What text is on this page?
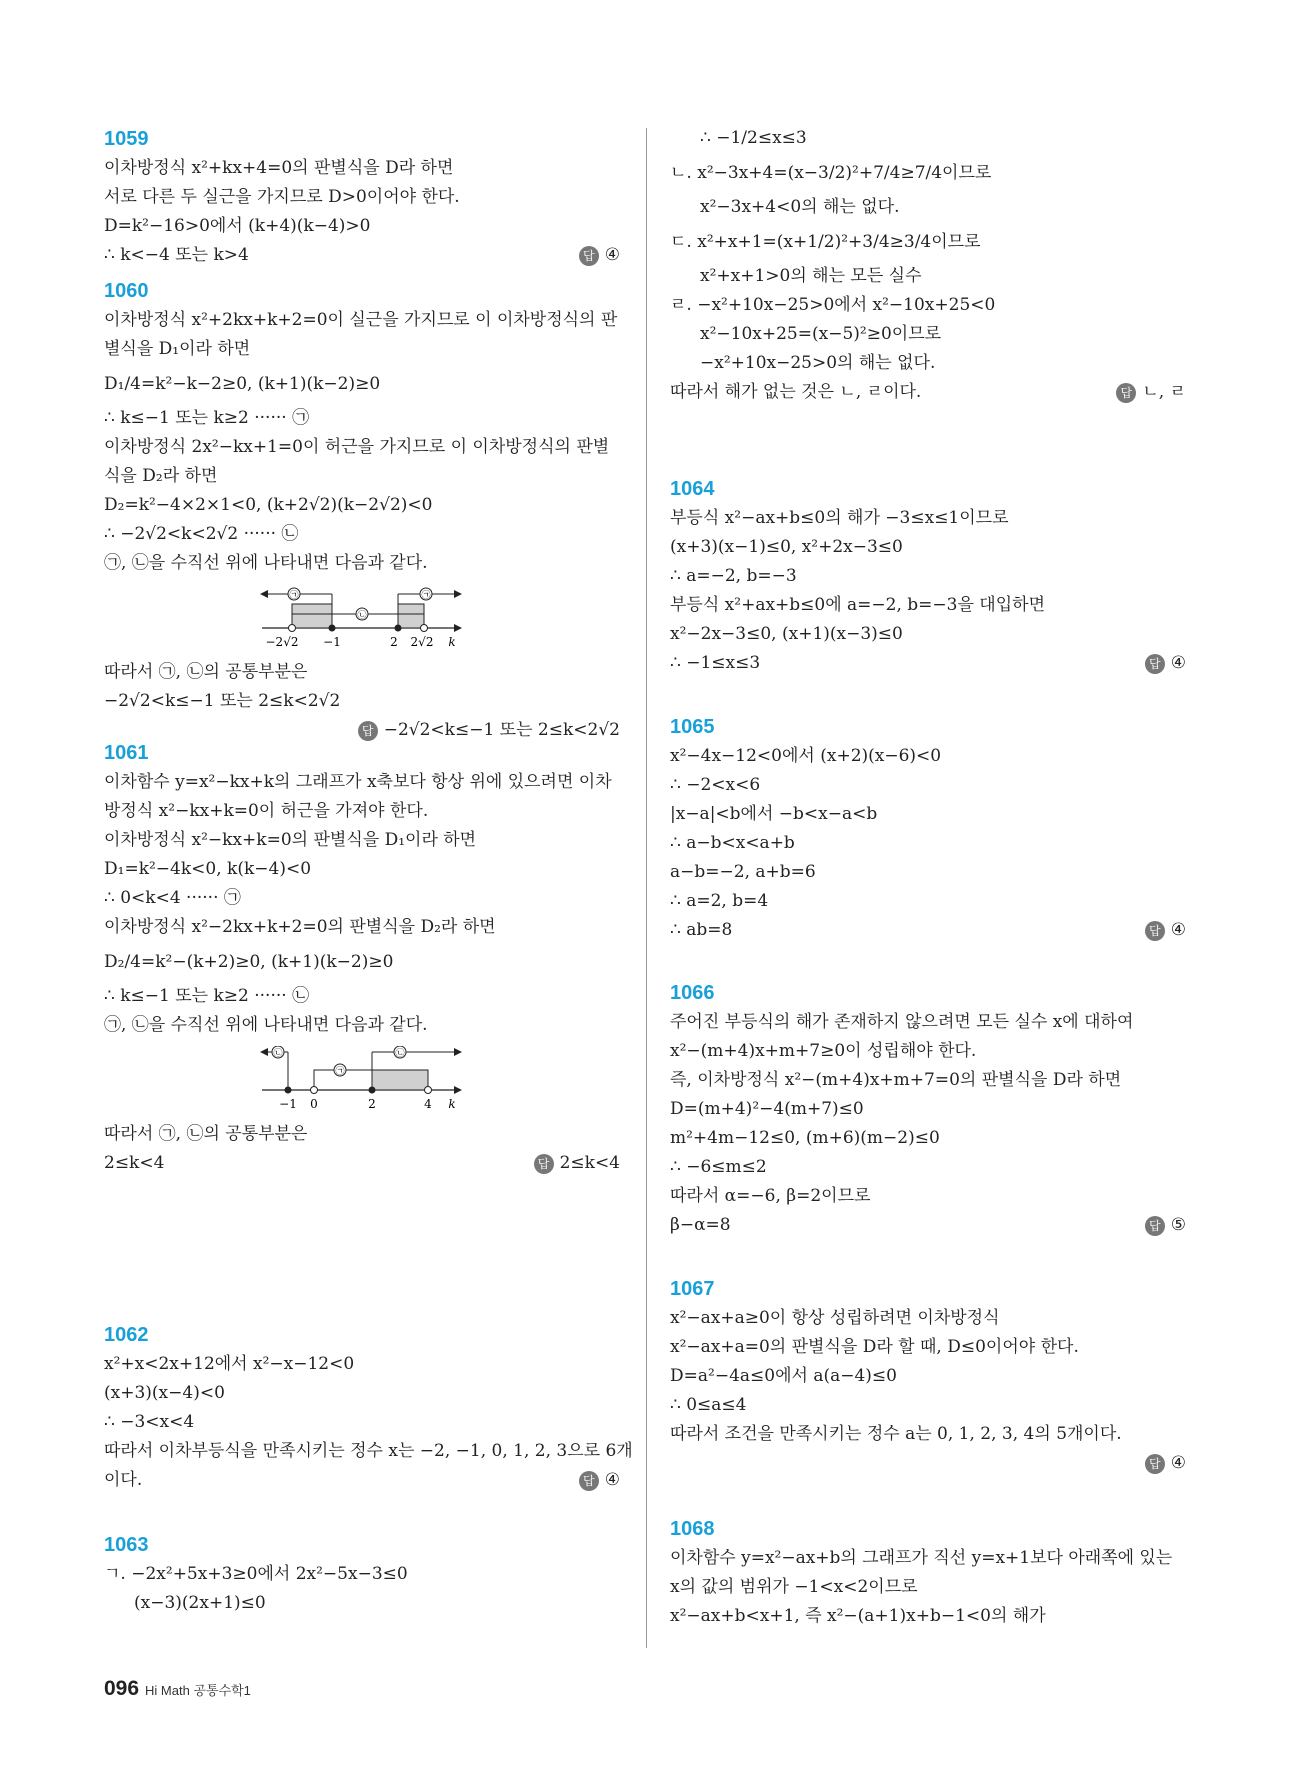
1059
이차방정식 x²+kx+4=0의 판별식을 D라 하면
서로 다른 두 실근을 가지므로 D>0이어야 한다.
D=k²−16>0에서 (k+4)(k−4)>0
∴ k<−4 또는 k>4	답 ④
1060
이차방정식 x²+2kx+k+2=0이 실근을 가지므로 이 이차방정식의 판
별식을 D₁이라 하면
D₁/4=k²−k−2≥0, (k+1)(k−2)≥0
∴ k≤−1 또는 k≥2 ······ ㉠
이차방정식 2x²−kx+1=0이 허근을 가지므로 이 이차방정식의 판별
식을 D₂라 하면
D₂=k²−4×2×1<0, (k+2√2)(k−2√2)<0
∴ −2√2<k<2√2 ······ ㉡
㉠, ㉡을 수직선 위에 나타내면 다음과 같다.
㉠
㉡
㉠
−2√2 −1	2 2√2 k
따라서 ㉠, ㉡의 공통부분은
−2√2<k≤−1 또는 2≤k<2√2
답 −2√2<k≤−1 또는 2≤k<2√2
1061
이차함수 y=x²−kx+k의 그래프가 x축보다 항상 위에 있으려면 이차
방정식 x²−kx+k=0이 허근을 가져야 한다.
이차방정식 x²−kx+k=0의 판별식을 D₁이라 하면
D₁=k²−4k<0, k(k−4)<0
∴ 0<k<4 ······ ㉠
이차방정식 x²−2kx+k+2=0의 판별식을 D₂라 하면
D₂/4=k²−(k+2)≥0, (k+1)(k−2)≥0
∴ k≤−1 또는 k≥2 ······ ㉡
㉠, ㉡을 수직선 위에 나타내면 다음과 같다.
㉡
㉠
㉡
−1 0	2	4 k
따라서 ㉠, ㉡의 공통부분은
2≤k<4	답 2≤k<4
1062
x²+x<2x+12에서 x²−x−12<0
(x+3)(x−4)<0
∴ −3<x<4
따라서 이차부등식을 만족시키는 정수 x는 −2, −1, 0, 1, 2, 3으로 6개
이다.	답 ④
1063
ㄱ. −2x²+5x+3≥0에서 2x²−5x−3≤0
(x−3)(2x+1)≤0
∴ −1/2≤x≤3
ㄴ. x²−3x+4=(x−3/2)²+7/4≥7/4이므로
x²−3x+4<0의 해는 없다.
ㄷ. x²+x+1=(x+1/2)²+3/4≥3/4이므로
x²+x+1>0의 해는 모든 실수
ㄹ. −x²+10x−25>0에서 x²−10x+25<0
x²−10x+25=(x−5)²≥0이므로
−x²+10x−25>0의 해는 없다.
따라서 해가 없는 것은 ㄴ, ㄹ이다.	답 ㄴ, ㄹ
1064
부등식 x²−ax+b≤0의 해가 −3≤x≤1이므로
(x+3)(x−1)≤0, x²+2x−3≤0
∴ a=−2, b=−3
부등식 x²+ax+b≤0에 a=−2, b=−3을 대입하면
x²−2x−3≤0, (x+1)(x−3)≤0
∴ −1≤x≤3	답 ④
1065
x²−4x−12<0에서 (x+2)(x−6)<0
∴ −2<x<6
|x−a|<b에서 −b<x−a<b
∴ a−b<x<a+b
a−b=−2, a+b=6
∴ a=2, b=4
∴ ab=8	답 ④
1066
주어진 부등식의 해가 존재하지 않으려면 모든 실수 x에 대하여
x²−(m+4)x+m+7≥0이 성립해야 한다.
즉, 이차방정식 x²−(m+4)x+m+7=0의 판별식을 D라 하면
D=(m+4)²−4(m+7)≤0
m²+4m−12≤0, (m+6)(m−2)≤0
∴ −6≤m≤2
따라서 α=−6, β=2이므로
β−α=8	답 ⑤
1067
x²−ax+a≥0이 항상 성립하려면 이차방정식
x²−ax+a=0의 판별식을 D라 할 때, D≤0이어야 한다.
D=a²−4a≤0에서 a(a−4)≤0
∴ 0≤a≤4
따라서 조건을 만족시키는 정수 a는 0, 1, 2, 3, 4의 5개이다.
답 ④
1068
이차함수 y=x²−ax+b의 그래프가 직선 y=x+1보다 아래쪽에 있는
x의 값의 범위가 −1<x<2이므로
x²−ax+b<x+1, 즉 x²−(a+1)x+b−1<0의 해가
096 Hi Math 공통수학1
